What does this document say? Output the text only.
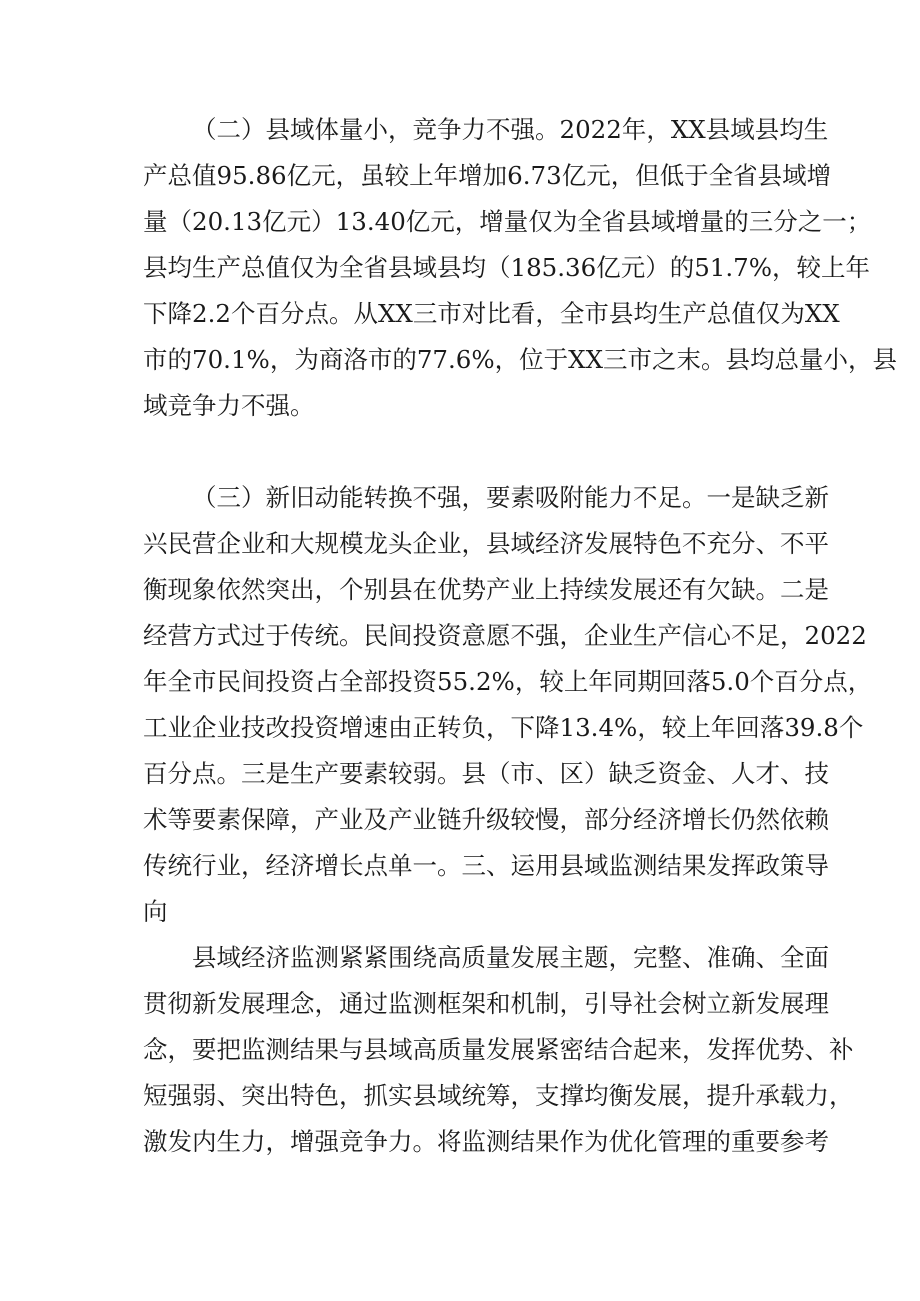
（二）县域体量小，竞争力不强。2022年，XX县域县均生
产总值95.86亿元，虽较上年增加6.73亿元，但低于全省县域增
量（20.13亿元）13.40亿元，增量仅为全省县域增量的三分之一；
县均生产总值仅为全省县域县均（185.36亿元）的51.7%，较上年
下降2.2个百分点。从XX三市对比看，全市县均生产总值仅为XX
市的70.1%，为商洛市的77.6%，位于XX三市之末。县均总量小，县
域竞争力不强。
（三）新旧动能转换不强，要素吸附能力不足。一是缺乏新
兴民营企业和大规模龙头企业，县域经济发展特色不充分、不平
衡现象依然突出，个别县在优势产业上持续发展还有欠缺。二是
经营方式过于传统。民间投资意愿不强，企业生产信心不足，2022
年全市民间投资占全部投资55.2%，较上年同期回落5.0个百分点，
工业企业技改投资增速由正转负，下降13.4%，较上年回落39.8个
百分点。三是生产要素较弱。县（市、区）缺乏资金、人才、技
术等要素保障，产业及产业链升级较慢，部分经济增长仍然依赖
传统行业，经济增长点单一。三、运用县域监测结果发挥政策导
向
县域经济监测紧紧围绕高质量发展主题，完整、准确、全面
贯彻新发展理念，通过监测框架和机制，引导社会树立新发展理
念，要把监测结果与县域高质量发展紧密结合起来，发挥优势、补
短强弱、突出特色，抓实县域统筹，支撑均衡发展，提升承载力，
激发内生力，增强竞争力。将监测结果作为优化管理的重要参考
